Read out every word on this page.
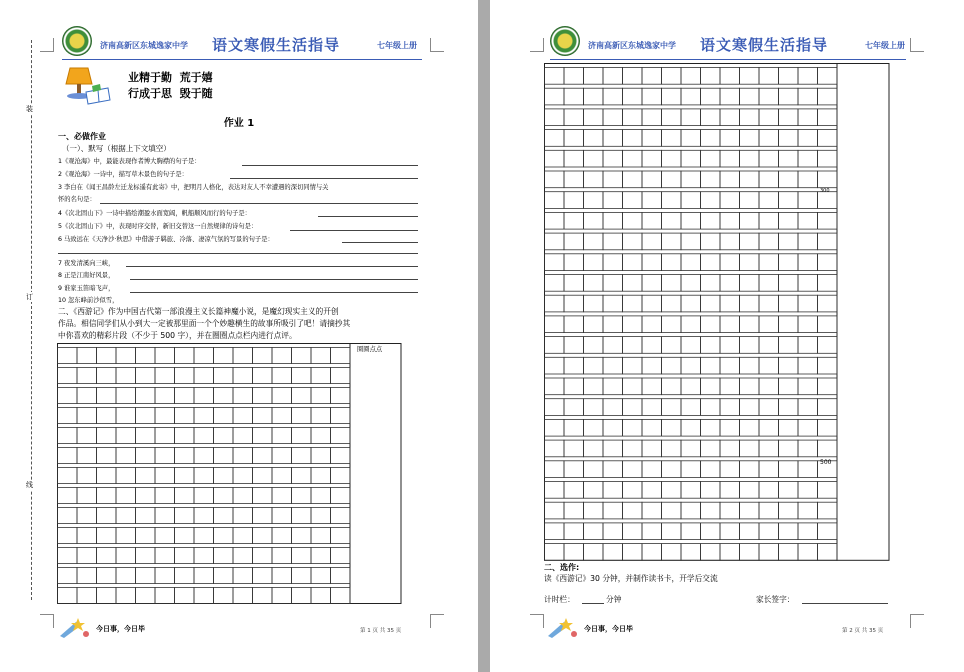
济南高新区东城逸家中学 语文寒假生活指导	七年级上册
业精于勤  荒于嬉
行成于思  毁于随
作业 1
一、必做作业
（一）、默写（根据上下文填空）
1《观沧海》中，最能表现作者博大胸襟的句子是：
2《观沧海》一诗中，描写草木景色的句子是：
3 李白在《闻王昌龄左迁龙标遥有此寄》中，把明月人格化，表达对友人不幸遭遇的深切同情与关
怀的名句是：
4《次北固山下》一诗中描绘潮盈水面宽阔，帆船顺风而行的句子是：
5《次北固山下》中，表现时序交替，新旧交替这一自然规律的诗句是：
6 马致远在《天净沙·秋思》中借游子羁旅、冷落、凄凉气氛的写景的句子是：
7 夜发清溪向三峡，
8 正是江南好风景，
9 谁家玉笛暗飞声，
10 忽东峰前沙似雪，
二、《西游记》作为中国古代第一部浪漫主义长篇神魔小说，是魔幻现实主义的开创
作品。相信同学们从小到大一定被那里面一个个妙趣横生的故事所吸引了吧！请摘抄其
中你喜欢的精彩片段（不少于 500 字），并在圈圈点点栏内进行点评。
圈圈点点
装
订
线
今日事，今日毕	第 1 页 共 35 页
济南高新区东城逸家中学 语文寒假生活指导	七年级上册
300
500
二、选作:
读《西游记》30 分钟，并制作读书卡，开学后交流
计时栏：	分钟	家长签字：
今日事，今日毕	第 2 页 共 35 页
